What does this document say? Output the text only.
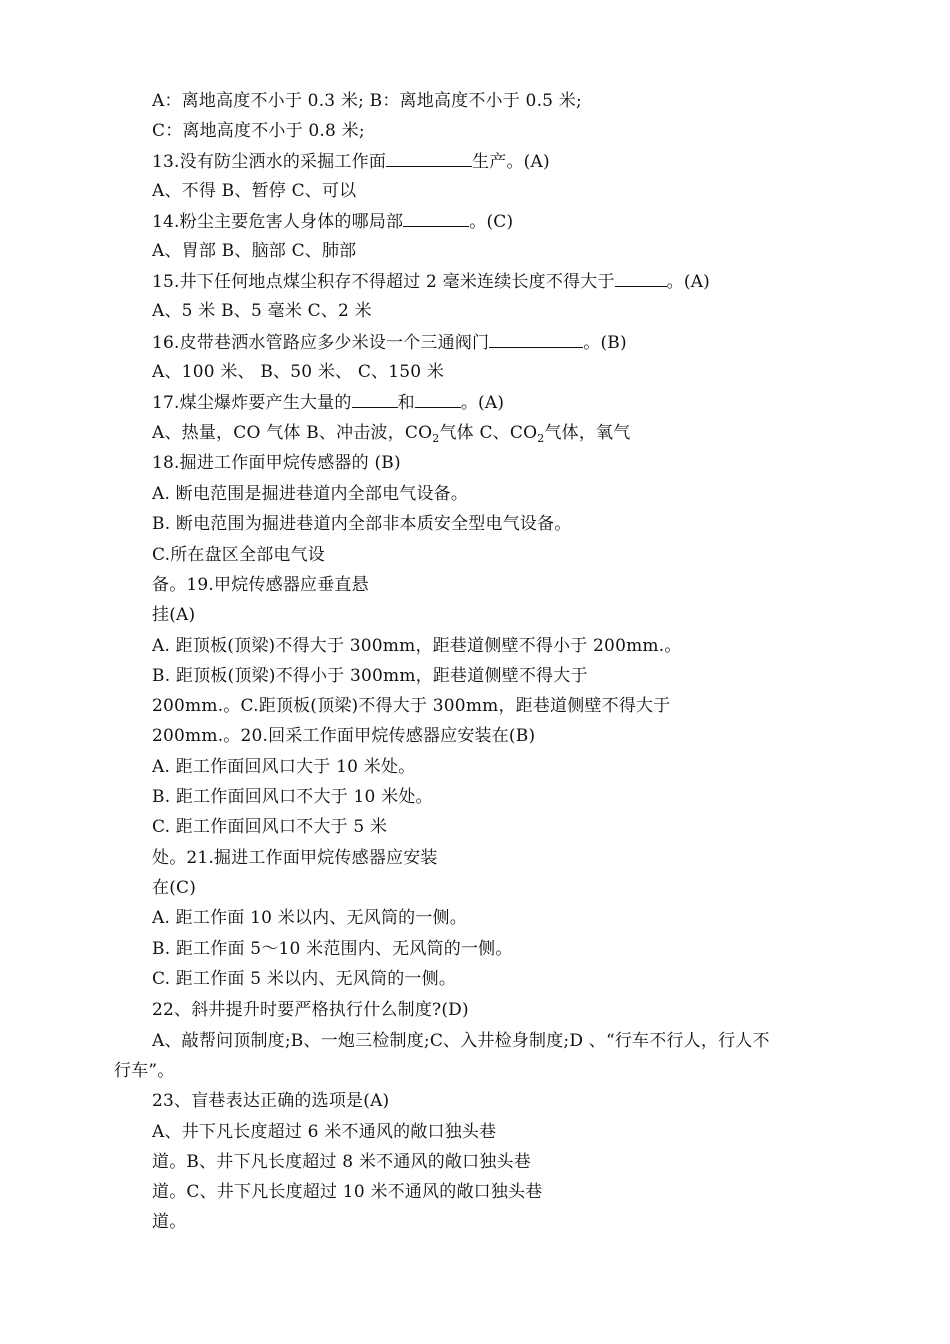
A：离地高度不小于 0.3 米; B：离地高度不小于 0.5 米;
C：离地高度不小于 0.8 米;
13.没有防尘洒水的采掘工作面	生产。(A)
A、不得 B、暂停 C、可以
14.粉尘主要危害人身体的哪局部	。(C)
A、胃部 B、脑部 C、肺部
15.井下任何地点煤尘积存不得超过 2 毫米连续长度不得大于	。(A)
A、5 米 B、5 毫米 C、2 米
16.皮带巷洒水管路应多少米设一个三通阀门	。(B)
A、100 米、 B、50 米、 C、150 米
17.煤尘爆炸要产生大量的	和	。(A)
A、热量，CO 气体 B、冲击波，$CO_2$气体 C、$CO_2$气体，氧气
18.掘进工作面甲烷传感器的 (B)
A. 断电范围是掘进巷道内全部电气设备。
B. 断电范围为掘进巷道内全部非本质安全型电气设备。
C.所在盘区全部电气设
备。19.甲烷传感器应垂直悬
挂(A)
A. 距顶板(顶梁)不得大于 300mm，距巷道侧壁不得小于 200mm.。
B. 距顶板(顶梁)不得小于 300mm，距巷道侧壁不得大于
200mm.。C.距顶板(顶梁)不得大于 300mm，距巷道侧壁不得大于
200mm.。20.回采工作面甲烷传感器应安装在(B)
A. 距工作面回风口大于 10 米处。
B. 距工作面回风口不大于 10 米处。
C. 距工作面回风口不大于 5 米
处。21.掘进工作面甲烷传感器应安装
在(C)
A. 距工作面 10 米以内、无风筒的一侧。
B. 距工作面 5～10 米范围内、无风筒的一侧。
C. 距工作面 5 米以内、无风筒的一侧。
22、斜井提升时要严格执行什么制度?(D)
A、敲帮问顶制度;B、一炮三检制度;C、入井检身制度;D 、“行车不行人，行人不
行车”。
23、盲巷表达正确的选项是(A)
A、井下凡长度超过 6 米不通风的敞口独头巷
道。B、井下凡长度超过 8 米不通风的敞口独头巷
道。C、井下凡长度超过 10 米不通风的敞口独头巷
道。
